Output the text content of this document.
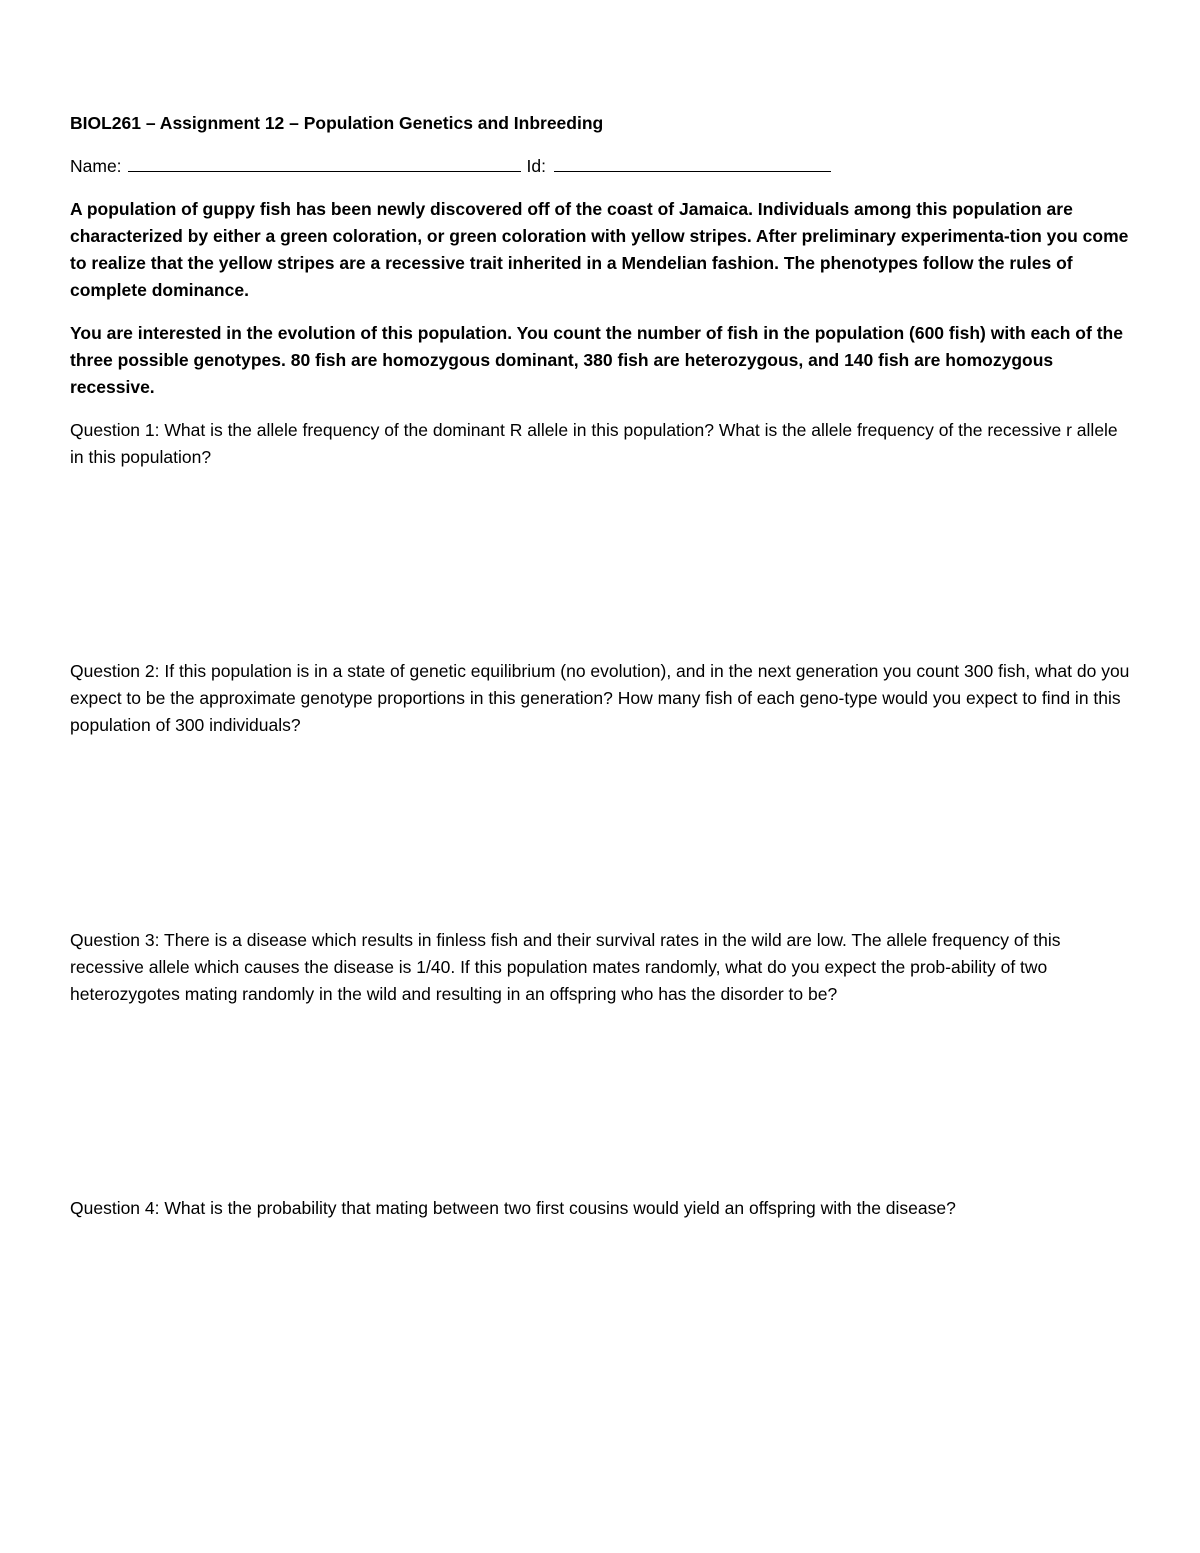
BIOL261 – Assignment 12 – Population Genetics and Inbreeding

Name:	Id:

A population of guppy fish has been newly discovered off of the coast of Jamaica. Individuals among this population are characterized by either a green coloration, or green coloration with yellow stripes. After preliminary experimenta-tion you come to realize that the yellow stripes are a recessive trait inherited in a Mendelian fashion. The phenotypes follow the rules of complete dominance.

You are interested in the evolution of this population. You count the number of fish in the population (600 fish) with each of the three possible genotypes. 80 fish are homozygous dominant, 380 fish are heterozygous, and 140 fish are homozygous recessive.

Question 1: What is the allele frequency of the dominant R allele in this population? What is the allele frequency of the recessive r allele in this population?

Question 2: If this population is in a state of genetic equilibrium (no evolution), and in the next generation you count 300 fish, what do you expect to be the approximate genotype proportions in this generation? How many fish of each geno-type would you expect to find in this population of 300 individuals?

Question 3: There is a disease which results in finless fish and their survival rates in the wild are low. The allele frequency of this recessive allele which causes the disease is 1/40. If this population mates randomly, what do you expect the prob-ability of two heterozygotes mating randomly in the wild and resulting in an offspring who has the disorder to be?

Question 4: What is the probability that mating between two first cousins would yield an offspring with the disease?
